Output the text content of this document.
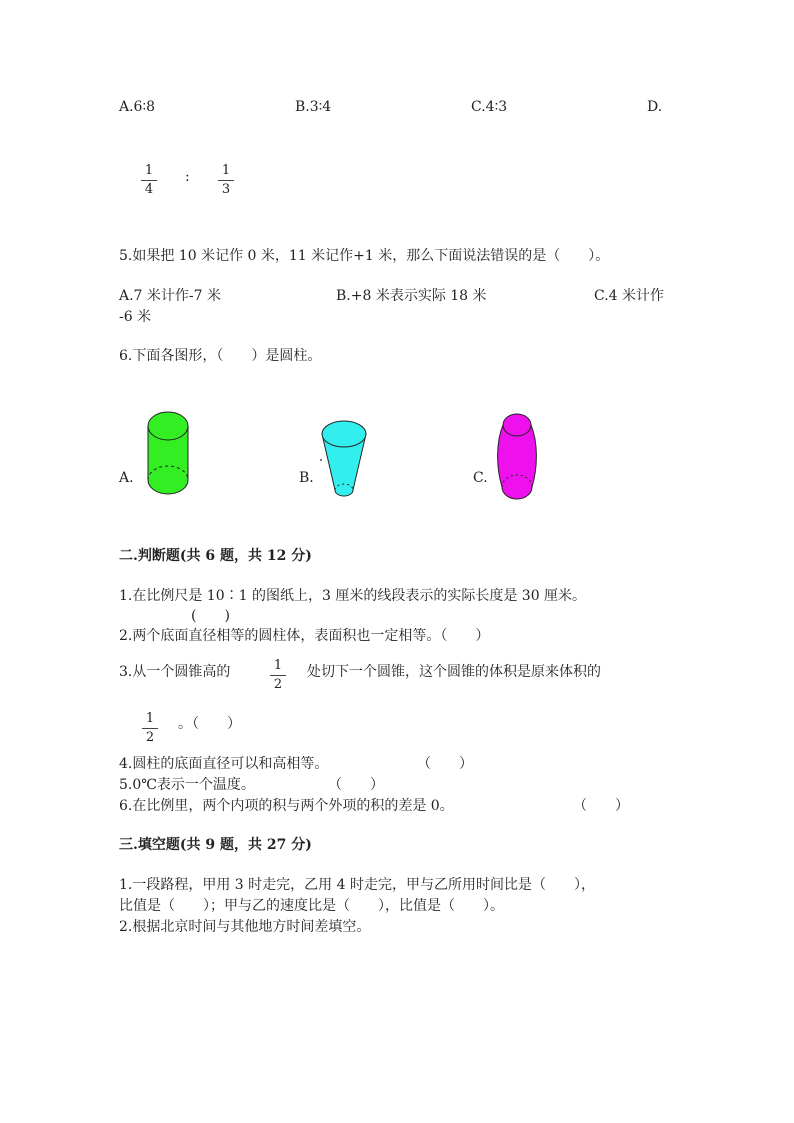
A.6∶8	B.3∶4	C.4∶3	D.
1
4
: 1
3
5.如果把 10 米记作 0 米，11 米记作+1 米，那么下面说法错误的是（　　）。
A.7 米计作-7 米	B.+8 米表示实际 18 米	C.4 米计作
-6 米
6.下面各图形，（　　）是圆柱。
A.	B.	C.
二.判断题(共 6 题，共 12 分)
1.在比例尺是 10∶1 的图纸上，3 厘米的线段表示的实际长度是 30 厘米。
(　　)
2.两个底面直径相等的圆柱体，表面积也一定相等。（　　）
3.从一个圆锥高的	1
2
处切下一个圆锥，这个圆锥的体积是原来体积的
1
2
。（　　）
4.圆柱的底面直径可以和高相等。	（　　）
5.0℃表示一个温度。	（　　）
6.在比例里，两个内项的积与两个外项的积的差是 0。	（　　）
三.填空题(共 9 题，共 27 分)
1.一段路程，甲用 3 时走完，乙用 4 时走完，甲与乙所用时间比是（　　），
比值是（　　）；甲与乙的速度比是（　　），比值是（　　）。
2.根据北京时间与其他地方时间差填空。
